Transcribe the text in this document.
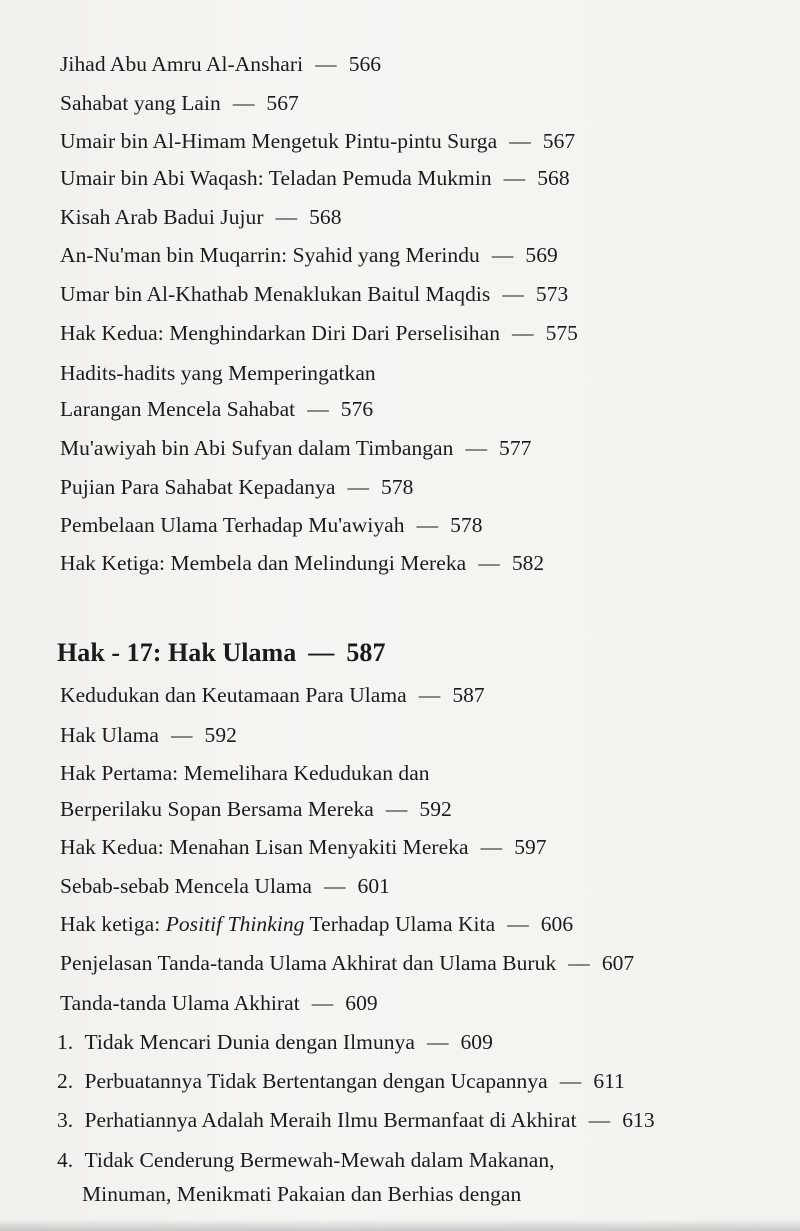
Jihad Abu Amru Al-Anshari — 566
Sahabat yang Lain — 567
Umair bin Al-Himam Mengetuk Pintu-pintu Surga — 567
Umair bin Abi Waqash: Teladan Pemuda Mukmin — 568
Kisah Arab Badui Jujur — 568
An-Nu'man bin Muqarrin: Syahid yang Merindu — 569
Umar bin Al-Khathab Menaklukan Baitul Maqdis — 573
Hak Kedua: Menghindarkan Diri Dari Perselisihan — 575
Hadits-hadits yang Memperingatkan
Larangan Mencela Sahabat — 576
Mu'awiyah bin Abi Sufyan dalam Timbangan — 577
Pujian Para Sahabat Kepadanya — 578
Pembelaan Ulama Terhadap Mu'awiyah — 578
Hak Ketiga: Membela dan Melindungi Mereka — 582
Hak - 17: Hak Ulama — 587
Kedudukan dan Keutamaan Para Ulama — 587
Hak Ulama — 592
Hak Pertama: Memelihara Kedudukan dan
Berperilaku Sopan Bersama Mereka — 592
Hak Kedua: Menahan Lisan Menyakiti Mereka — 597
Sebab-sebab Mencela Ulama — 601
Hak ketiga: Positif Thinking Terhadap Ulama Kita — 606
Penjelasan Tanda-tanda Ulama Akhirat dan Ulama Buruk — 607
Tanda-tanda Ulama Akhirat — 609
1. Tidak Mencari Dunia dengan Ilmunya — 609
2. Perbuatannya Tidak Bertentangan dengan Ucapannya — 611
3. Perhatiannya Adalah Meraih Ilmu Bermanfaat di Akhirat — 613
4. Tidak Cenderung Bermewah-Mewah dalam Makanan,
Minuman, Menikmati Pakaian dan Berhias dengan
